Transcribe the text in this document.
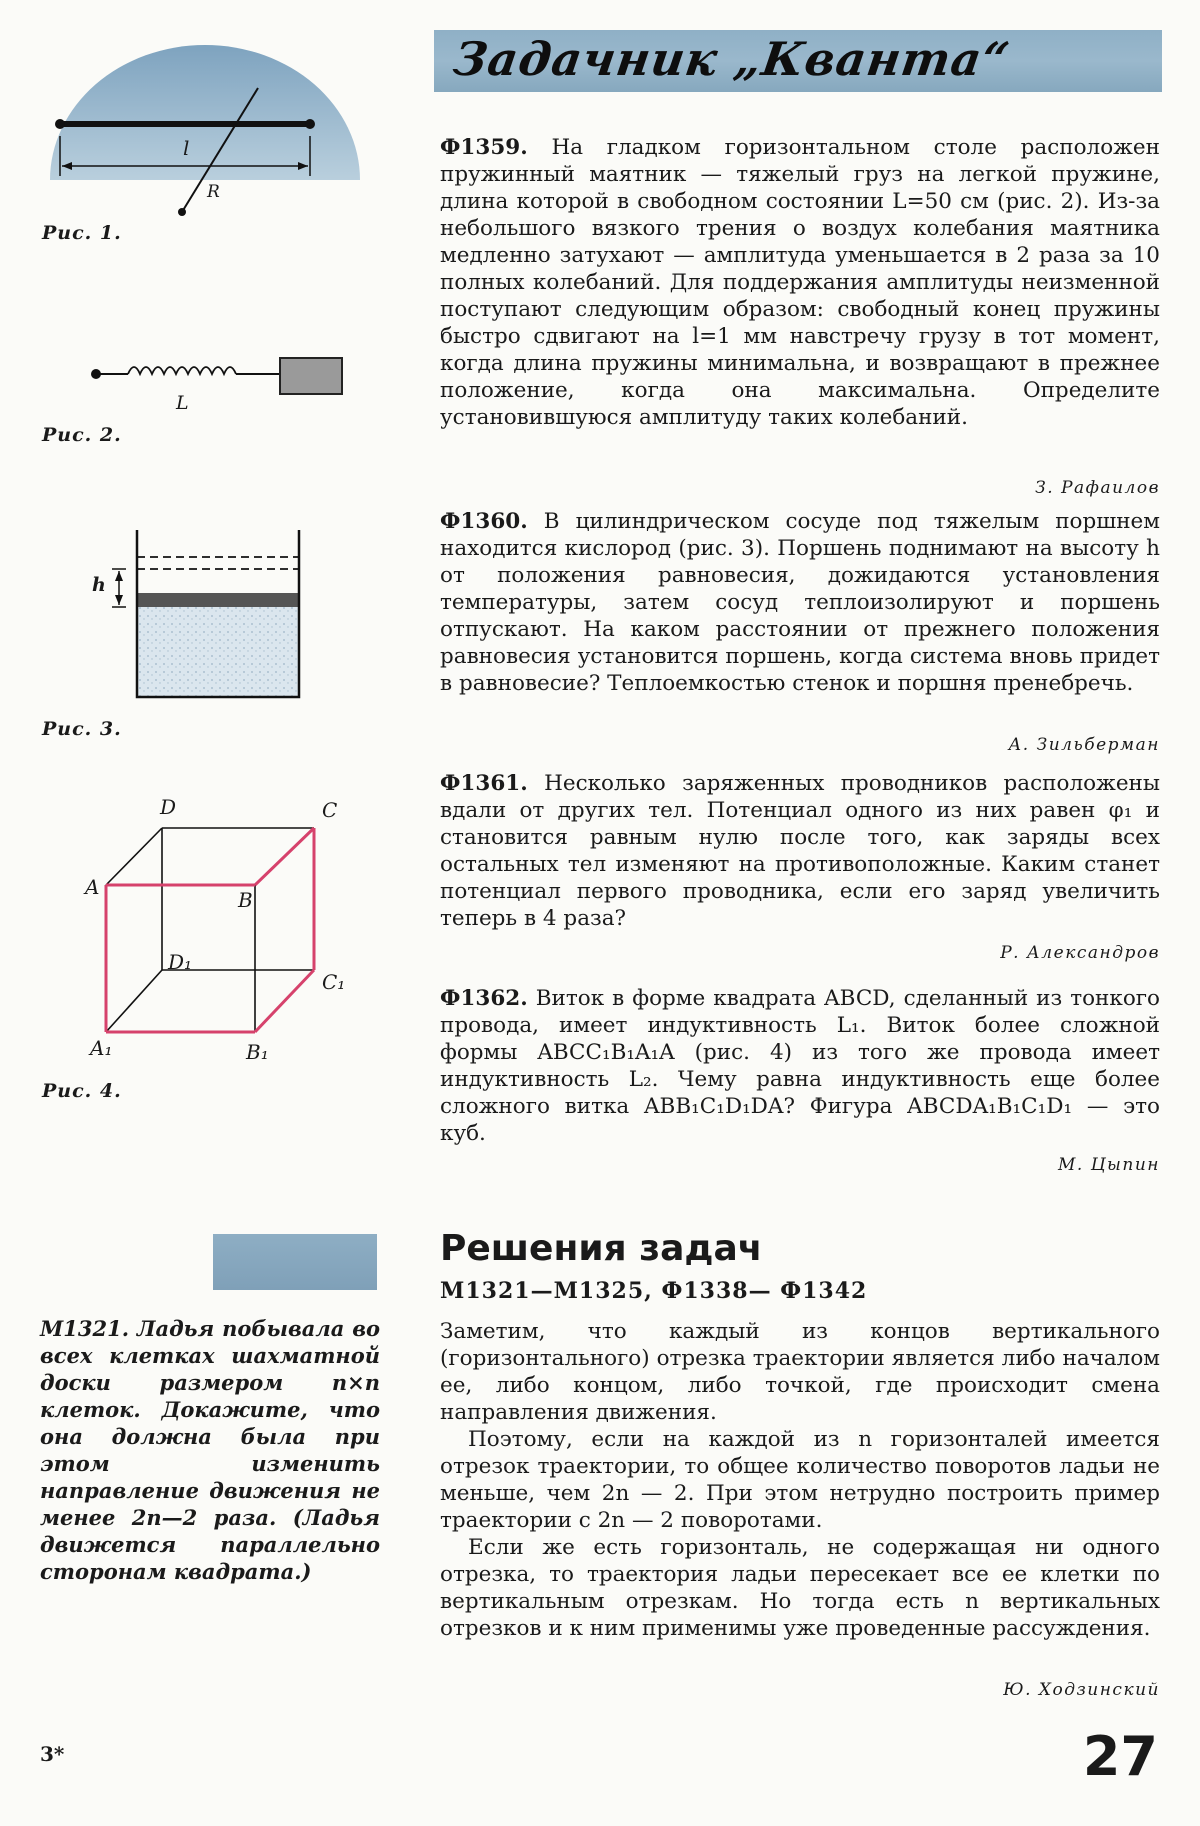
Задачник „Кванта“
l
R
Рис. 1.
L
Рис. 2.
h
Рис. 3.
D	C
A
B
D₁
C₁
A₁	B₁
Рис. 4.
Ф1359. На гладком горизонтальном столе расположен пружинный маятник — тяжелый груз на легкой пружине, длина которой в свободном состоянии L=50 см (рис. 2). Из-за небольшого вязкого трения о воздух колебания маятника медленно затухают — амплитуда уменьшается в 2 раза за 10 полных колебаний. Для поддержания амплитуды неизменной поступают следующим образом: свободный конец пружины быстро сдвигают на l=1 мм навстречу грузу в тот момент, когда длина пружины минимальна, и возвращают в прежнее положение, когда она максимальна. Определите установившуюся амплитуду таких колебаний.
З. Рафаилов
Ф1360. В цилиндрическом сосуде под тяжелым поршнем находится кислород (рис. 3). Поршень поднимают на высоту h от положения равновесия, дожидаются установления температуры, затем сосуд теплоизолируют и поршень отпускают. На каком расстоянии от прежнего положения равновесия установится поршень, когда система вновь придет в равновесие? Теплоемкостью стенок и поршня пренебречь.
А. Зильберман
Ф1361. Несколько заряженных проводников расположены вдали от других тел. Потенциал одного из них равен φ₁ и становится равным нулю после того, как заряды всех остальных тел изменяют на противоположные. Каким станет потенциал первого проводника, если его заряд увеличить теперь в 4 раза?
Р. Александров
Ф1362. Виток в форме квадрата ABCD, сделанный из тонкого провода, имеет индуктивность L₁. Виток более сложной формы ABCC₁B₁A₁A (рис. 4) из того же провода имеет индуктивность L₂. Чему равна индуктивность еще более сложного витка ABB₁C₁D₁DA? Фигура ABCDA₁B₁C₁D₁ — это куб.
М. Цыпин
Решения задач
М1321—М1325, Ф1338— Ф1342

Заметим, что каждый из концов вертикального (горизонтального) отрезка траектории является либо началом ее, либо концом, либо точкой, где происходит смена направления движения.

Поэтому, если на каждой из n горизонталей имеется отрезок траектории, то общее количество поворотов ладьи не меньше, чем 2n — 2. При этом нетрудно построить пример траектории с 2n — 2 поворотами.

Если же есть горизонталь, не содержащая ни одного отрезка, то траектория ладьи пересекает все ее клетки по вертикальным отрезкам. Но тогда есть n вертикальных отрезков и к ним применимы уже проведенные рассуждения.

Ю. Ходзинский
М1321. Ладья побывала во всех клетках шахматной доски размером n×n клеток. Докажите, что она должна была при этом изменить направление движения не менее 2n—2 раза. (Ладья движется параллельно сторонам квадрата.)
3*	27
